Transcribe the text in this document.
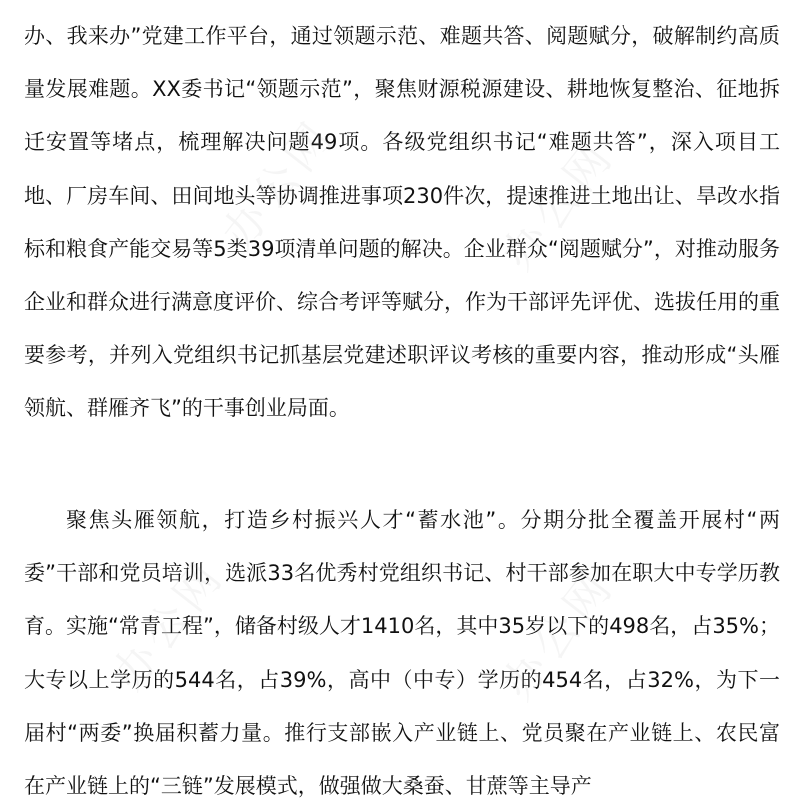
办、我来办”党建工作平台，通过领题示范、难题共答、阅题赋分，破解制约高质量发展难题。XX委书记“领题示范”，聚焦财源税源建设、耕地恢复整治、征地拆迁安置等堵点，梳理解决问题49项。各级党组织书记“难题共答”，深入项目工地、厂房车间、田间地头等协调推进事项230件次，提速推进土地出让、旱改水指标和粮食产能交易等5类39项清单问题的解决。企业群众“阅题赋分”，对推动服务企业和群众进行满意度评价、综合考评等赋分，作为干部评先评优、选拔任用的重要参考，并列入党组织书记抓基层党建述职评议考核的重要内容，推动形成“头雁领航、群雁齐飞”的干事创业局面。

聚焦头雁领航，打造乡村振兴人才“蓄水池”。分期分批全覆盖开展村“两委”干部和党员培训，选派33名优秀村党组织书记、村干部参加在职大中专学历教育。实施“常青工程”，储备村级人才1410名，其中35岁以下的498名，占35%；大专以上学历的544名，占39%，高中（中专）学历的454名，占32%，为下一届村“两委”换届积蓄力量。推行支部嵌入产业链上、党员聚在产业链上、农民富在产业链上的“三链”发展模式，做强做大桑蚕、甘蔗等主导产

办公网	办公网
办公网	办公网
